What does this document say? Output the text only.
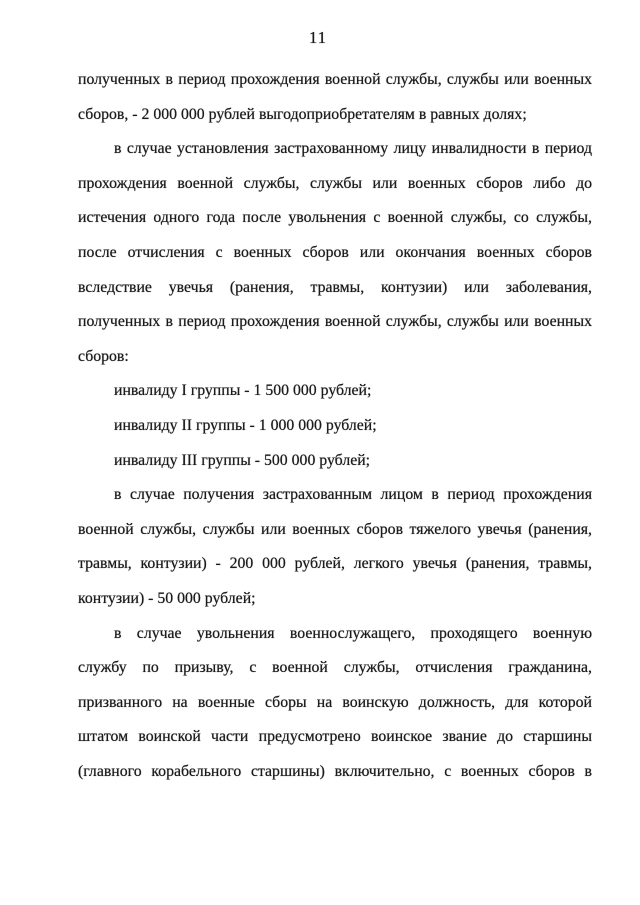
11
полученных в период прохождения военной службы, службы или военных
сборов, - 2 000 000 рублей выгодоприобретателям в равных долях;
в случае установления застрахованному лицу инвалидности в период
прохождения военной службы, службы или военных сборов либо до
истечения одного года после увольнения с военной службы, со службы,
после отчисления с военных сборов или окончания военных сборов
вследствие увечья (ранения, травмы, контузии) или заболевания,
полученных в период прохождения военной службы, службы или военных
сборов:
инвалиду I группы - 1 500 000 рублей;
инвалиду II группы - 1 000 000 рублей;
инвалиду III группы - 500 000 рублей;
в случае получения застрахованным лицом в период прохождения
военной службы, службы или военных сборов тяжелого увечья (ранения,
травмы, контузии) - 200 000 рублей, легкого увечья (ранения, травмы,
контузии) - 50 000 рублей;
в случае увольнения военнослужащего, проходящего военную
службу по призыву, с военной службы, отчисления гражданина,
призванного на военные сборы на воинскую должность, для которой
штатом воинской части предусмотрено воинское звание до старшины
(главного корабельного старшины) включительно, с военных сборов в
